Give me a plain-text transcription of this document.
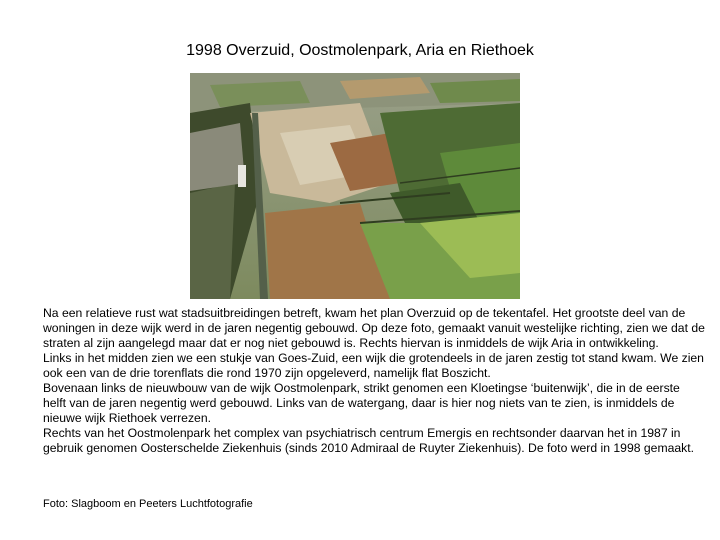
1998 Overzuid, Oostmolenpark, Aria en Riethoek

Na een relatieve rust wat stadsuitbreidingen betreft, kwam het plan Overzuid op de tekentafel. Het grootste deel van de woningen in deze wijk werd in de jaren negentig gebouwd. Op deze foto, gemaakt vanuit westelijke richting, zien we dat de straten al zijn aangelegd maar dat er nog niet gebouwd is. Rechts hiervan is inmiddels de wijk Aria in ontwikkeling.

Links in het midden zien we een stukje van Goes-Zuid, een wijk die grotendeels in de jaren zestig tot stand kwam. We zien ook een van de drie torenflats die rond 1970 zijn opgeleverd, namelijk flat Boszicht.

Bovenaan links de nieuwbouw van de wijk Oostmolenpark, strikt genomen een Kloetingse ‘buitenwijk’, die in de eerste helft van de jaren negentig werd gebouwd. Links van de watergang, daar is hier nog niets van te zien, is inmiddels de nieuwe wijk Riethoek verrezen.

Rechts van het Oostmolenpark het complex van psychiatrisch centrum Emergis en rechtsonder daarvan het in 1987 in gebruik genomen Oosterschelde Ziekenhuis (sinds 2010 Admiraal de Ruyter Ziekenhuis). De foto werd in 1998 gemaakt.

Foto: Slagboom en Peeters Luchtfotografie
